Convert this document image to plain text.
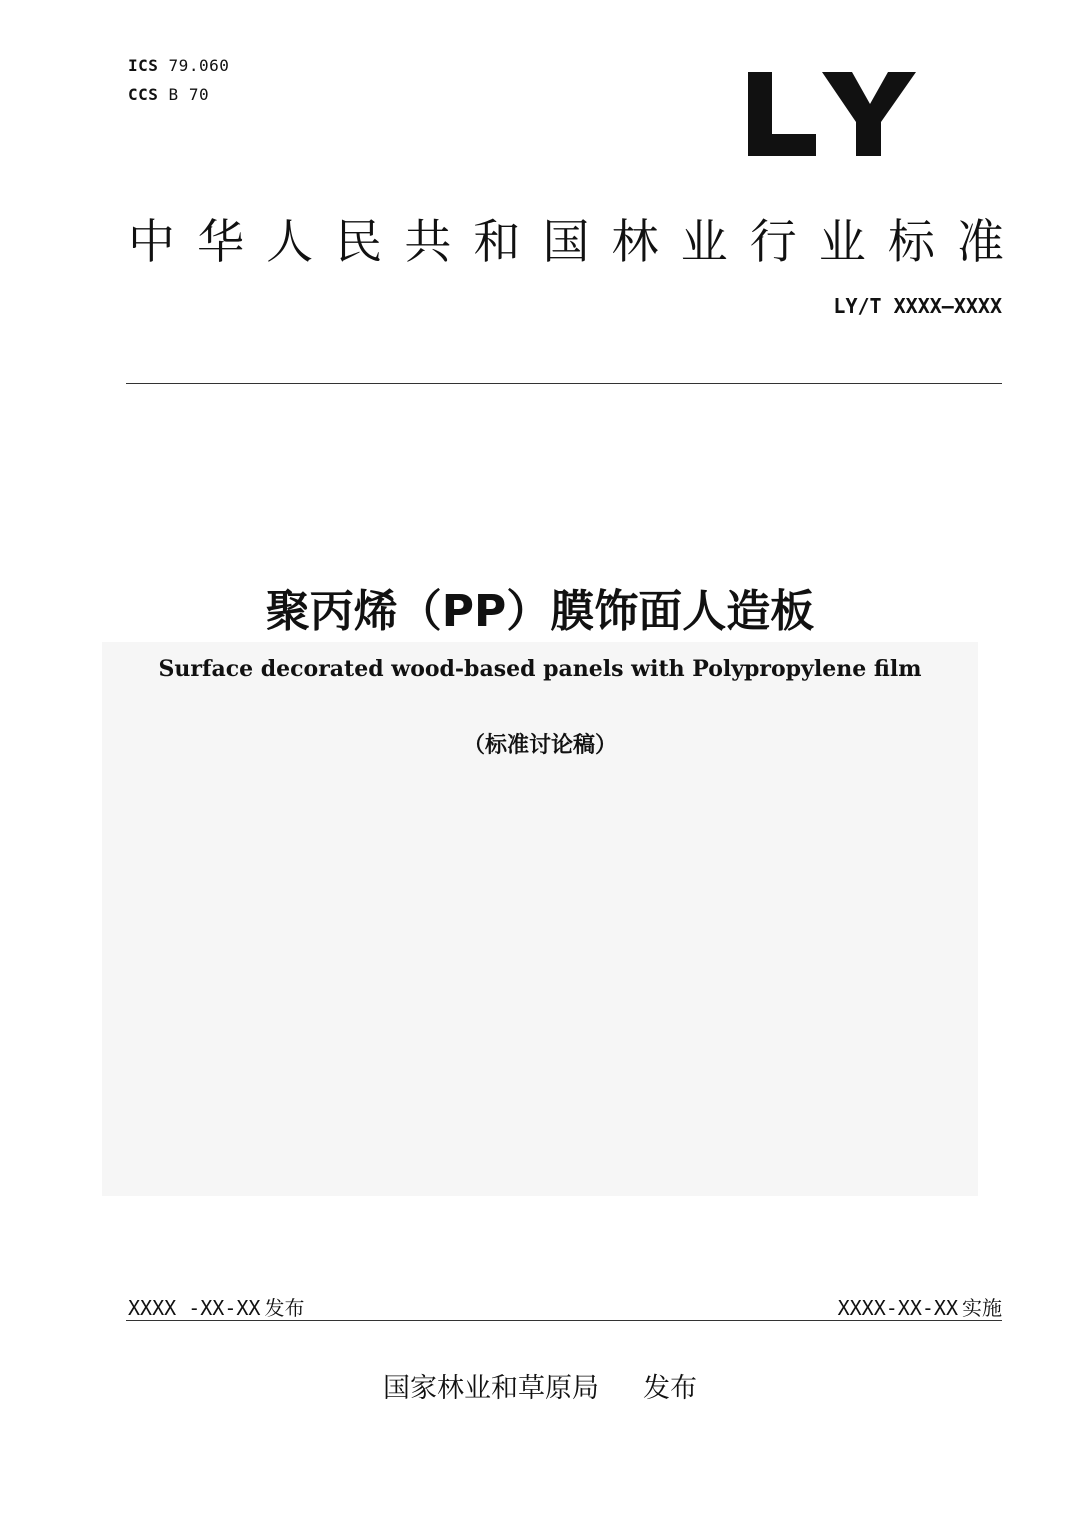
ICS 79.060
CCS B 70
中 华 人 民 共 和 国 林 业 行 业 标 准
LY/T XXXX—XXXX
聚丙烯（PP）膜饰面人造板
Surface decorated wood-based panels with Polypropylene film
（标准讨论稿）
XXXX -XX-XX 发布	XXXX-XX-XX 实施
国家林业和草原局 发布
